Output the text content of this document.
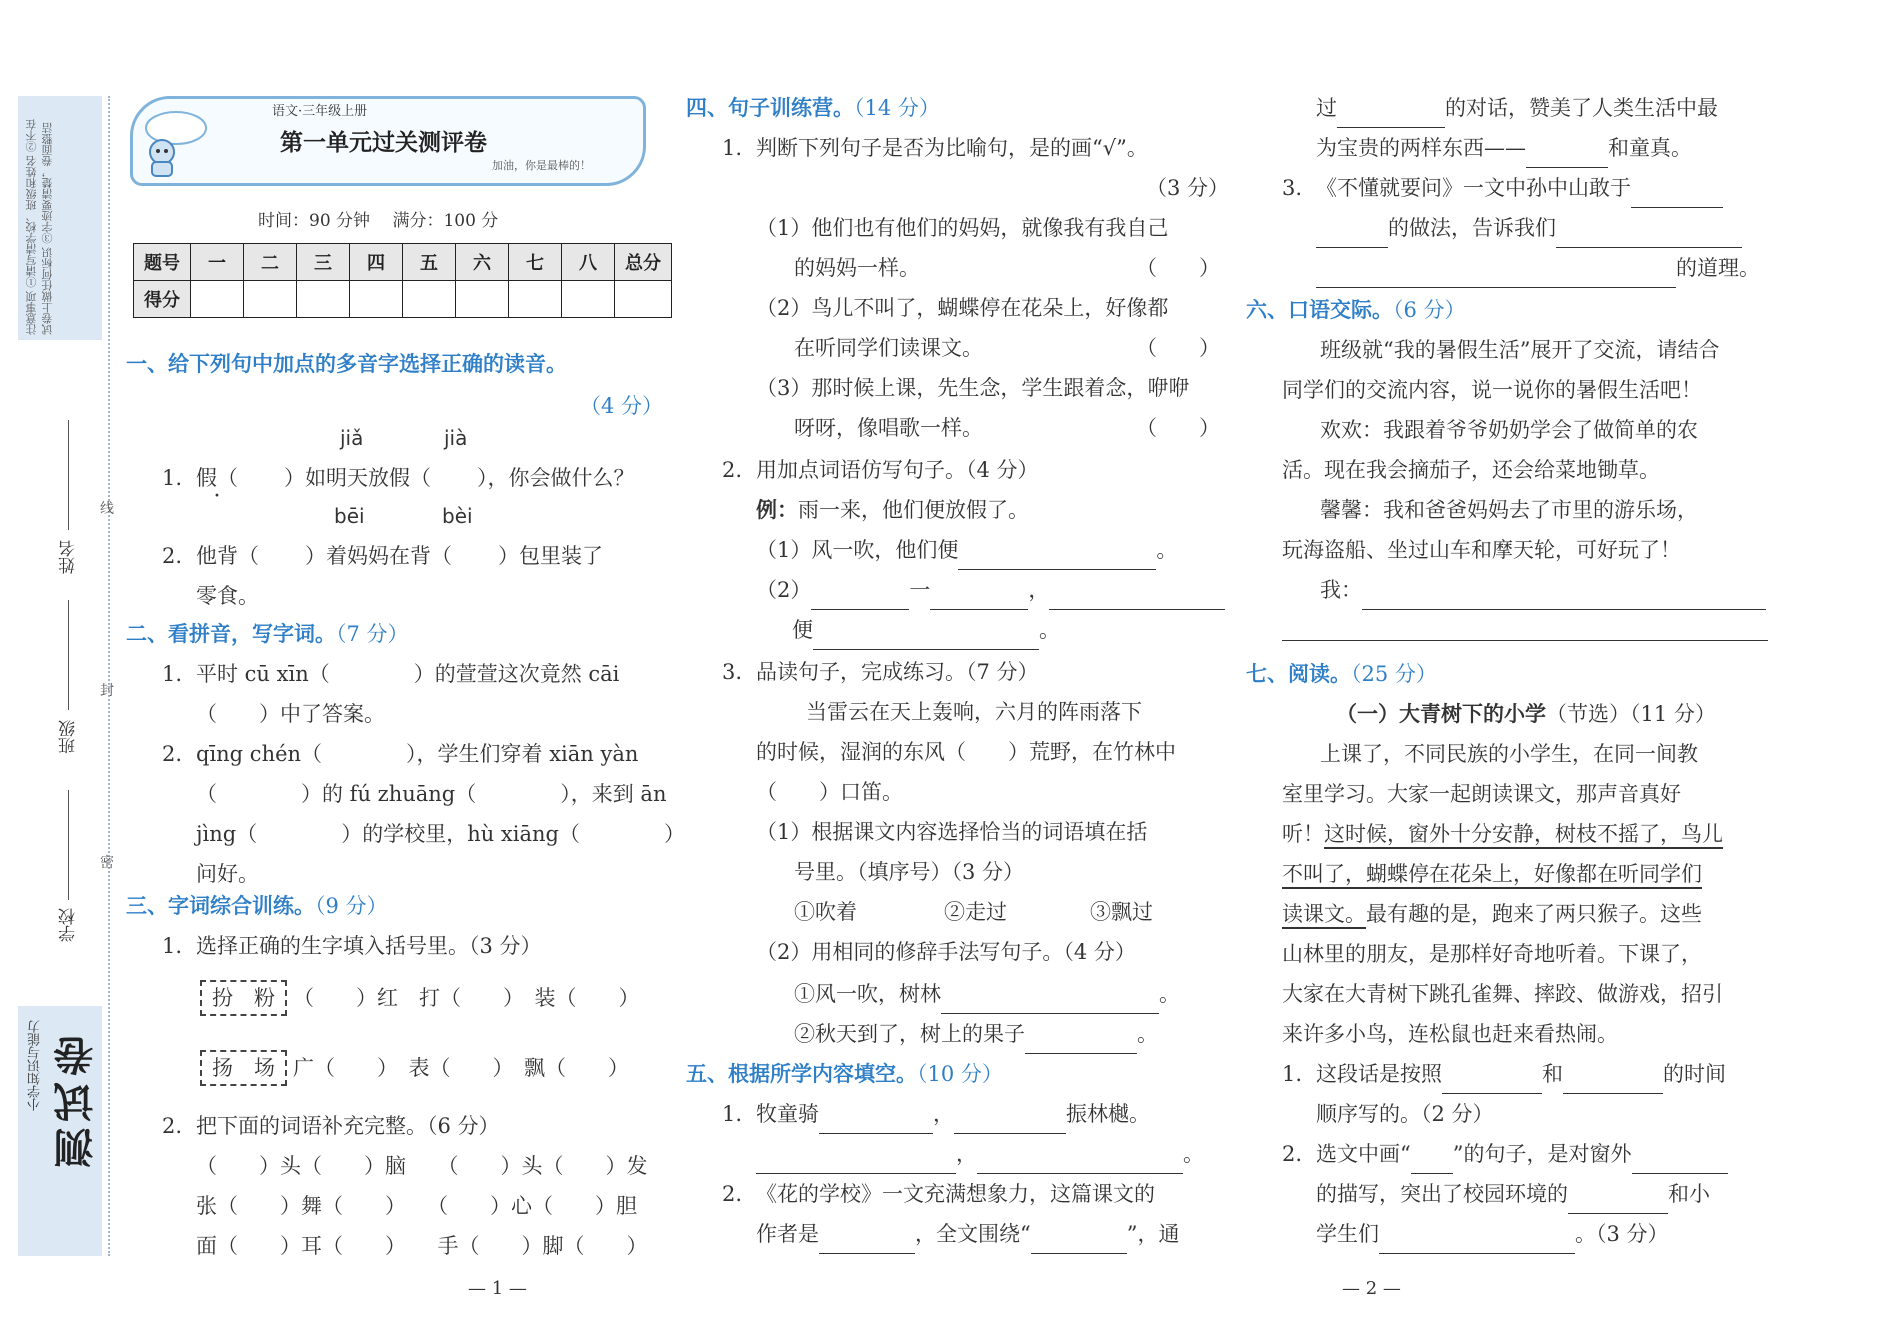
注意事项 ①请写清学校、班级和姓名 ②不在试卷上做任何标识 ③字迹要清楚，卷面整洁
姓名
班级
学校
线
封
密
小学知识与能力 测试卷
语文·三年级上册
第一单元过关测评卷
加油，你是最棒的！
时间：90 分钟　 满分：100 分
题号	一	二	三	四	五	六	七	八	总分
得分									
一、给下列句中加点的多音字选择正确的读音。
（4 分）
jiǎ	jià
1. 假（ · ）如明天放假（ ），你会做什么？
bēi	bèi
2. 他背（ ）着妈妈在背（ ）包里装了
零食。
二、看拼音，写字词。（7 分）
1. 平时 cū xīn（　　　　）的萱萱这次竟然 cāi
（　　）中了答案。
2. qīng chén（　　　　），学生们穿着 xiān yàn
（　　　　）的 fú zhuāng（　　　　），来到 ān
jìng（　　　　）的学校里，hù xiāng（　　　　）
问好。
三、字词综合训练。（9 分）
1. 选择正确的生字填入括号里。（3 分）
扮　粉 （　　）红　打（　　）　装（　　）
扬　场 广（　　）　表（　　）　飘（　　）
2. 把下面的词语补充完整。（6 分）
（　　）头（　　）脑　　（　　）头（　　）发
张（　　）舞（　　）　　（　　）心（　　）胆
面（　　）耳（　　）　　手（　　）脚（　　）
— 1 —
四、句子训练营。（14 分）
1. 判断下列句子是否为比喻句，是的画“√”。
（3 分）
（1）他们也有他们的妈妈，就像我有我自己
的妈妈一样。	（　　）
（2）鸟儿不叫了，蝴蝶停在花朵上，好像都
在听同学们读课文。	（　　）
（3）那时候上课，先生念，学生跟着念，咿咿
呀呀，像唱歌一样。	（　　）
2. 用加点词语仿写句子。（4 分）
例：雨一来，他们便放假了。
（1）风一吹，他们便	。
（2）	一	，
便	。
3. 品读句子，完成练习。（7 分）
当雷云在天上轰响，六月的阵雨落下
的时候，湿润的东风（　　）荒野，在竹林中
（　　）口笛。
（1）根据课文内容选择恰当的词语填在括
号里。（填序号）（3 分）
①吹着	②走过	③飘过
（2）用相同的修辞手法写句子。（4 分）
①风一吹，树林	。
②秋天到了，树上的果子	。
五、根据所学内容填空。（10 分）
1. 牧童骑	，	振林樾。
，	。
2. 《花的学校》一文充满想象力，这篇课文的
作者是	，全文围绕“	”，通
过	的对话，赞美了人类生活中最
为宝贵的两样东西——	和童真。
3. 《不懂就要问》一文中孙中山敢于
的做法，告诉我们
的道理。
六、口语交际。（6 分）
班级就“我的暑假生活”展开了交流，请结合
同学们的交流内容，说一说你的暑假生活吧！
欢欢：我跟着爷爷奶奶学会了做简单的农
活。现在我会摘茄子，还会给菜地锄草。
馨馨：我和爸爸妈妈去了市里的游乐场，
玩海盗船、坐过山车和摩天轮，可好玩了！
我：
七、阅读。（25 分）
（一）大青树下的小学（节选）（11 分）
上课了，不同民族的小学生，在同一间教
室里学习。大家一起朗读课文，那声音真好
听！这时候，窗外十分安静，树枝不摇了，鸟儿
不叫了，蝴蝶停在花朵上，好像都在听同学们
读课文。最有趣的是，跑来了两只猴子。这些
山林里的朋友，是那样好奇地听着。下课了，
大家在大青树下跳孔雀舞、摔跤、做游戏，招引
来许多小鸟，连松鼠也赶来看热闹。
1. 这段话是按照	和	的时间
顺序写的。（2 分）
2. 选文中画“ ”的句子，是对窗外
的描写，突出了校园环境的	和小
学生们	。（3 分）
— 2 —
